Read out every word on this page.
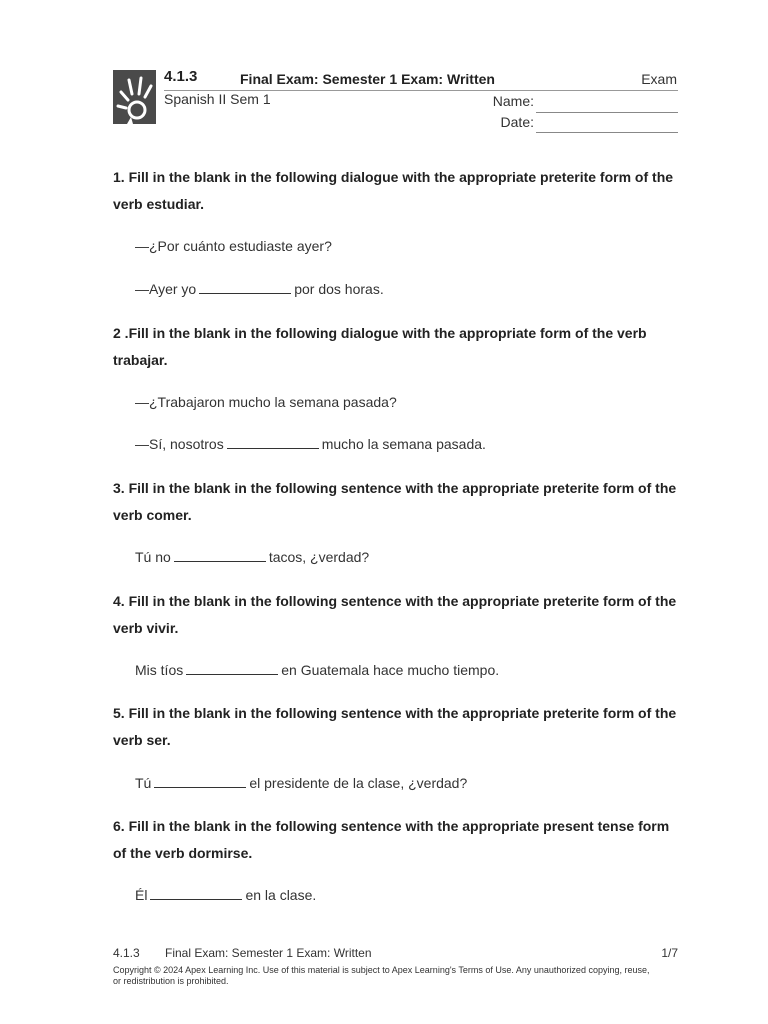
4.1.3	Final Exam: Semester 1 Exam: Written	Exam
Spanish II Sem 1	Name:
Date:
1. Fill in the blank in the following dialogue with the appropriate preterite form of the verb estudiar.
—¿Por cuánto estudiaste ayer?
—Ayer yo	por dos horas.
2 .Fill in the blank in the following dialogue with the appropriate form of the verb trabajar.
—¿Trabajaron mucho la semana pasada?
—Sí, nosotros	mucho la semana pasada.
3. Fill in the blank in the following sentence with the appropriate preterite form of the verb comer.
Tú no	tacos, ¿verdad?
4. Fill in the blank in the following sentence with the appropriate preterite form of the verb vivir.
Mis tíos	en Guatemala hace mucho tiempo.
5. Fill in the blank in the following sentence with the appropriate preterite form of the verb ser.
Tú	el presidente de la clase, ¿verdad?
6. Fill in the blank in the following sentence with the appropriate present tense form of the verb dormirse.
Él	en la clase.
4.1.3 Final Exam: Semester 1 Exam: Written	1/7
Copyright © 2024 Apex Learning Inc. Use of this material is subject to Apex Learning's Terms of Use. Any unauthorized copying, reuse, or redistribution is prohibited.
